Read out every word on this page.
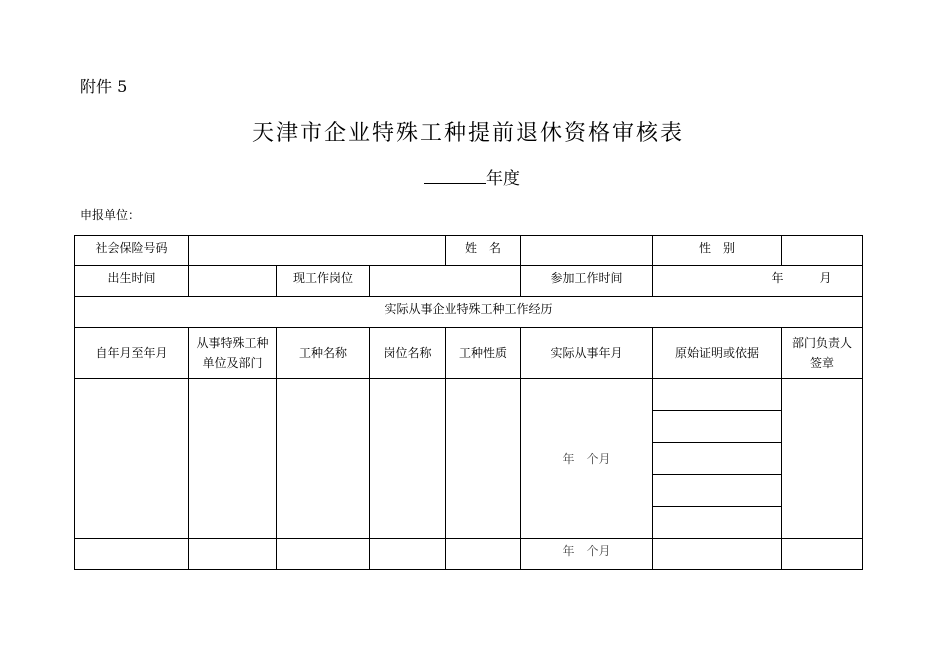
附件 5
天津市企业特殊工种提前退休资格审核表
年度
申报单位：
社会保险号码		姓　名		性　别	
出生时间		现工作岗位		参加工作时间	年	月
实际从事企业特殊工种工作经历
自年月至年月	从事特殊工种单位及部门	工种名称	岗位名称	工种性质	实际从事年月	原始证明或依据	部门负责人签章
					年　个月	

					年　个月		
